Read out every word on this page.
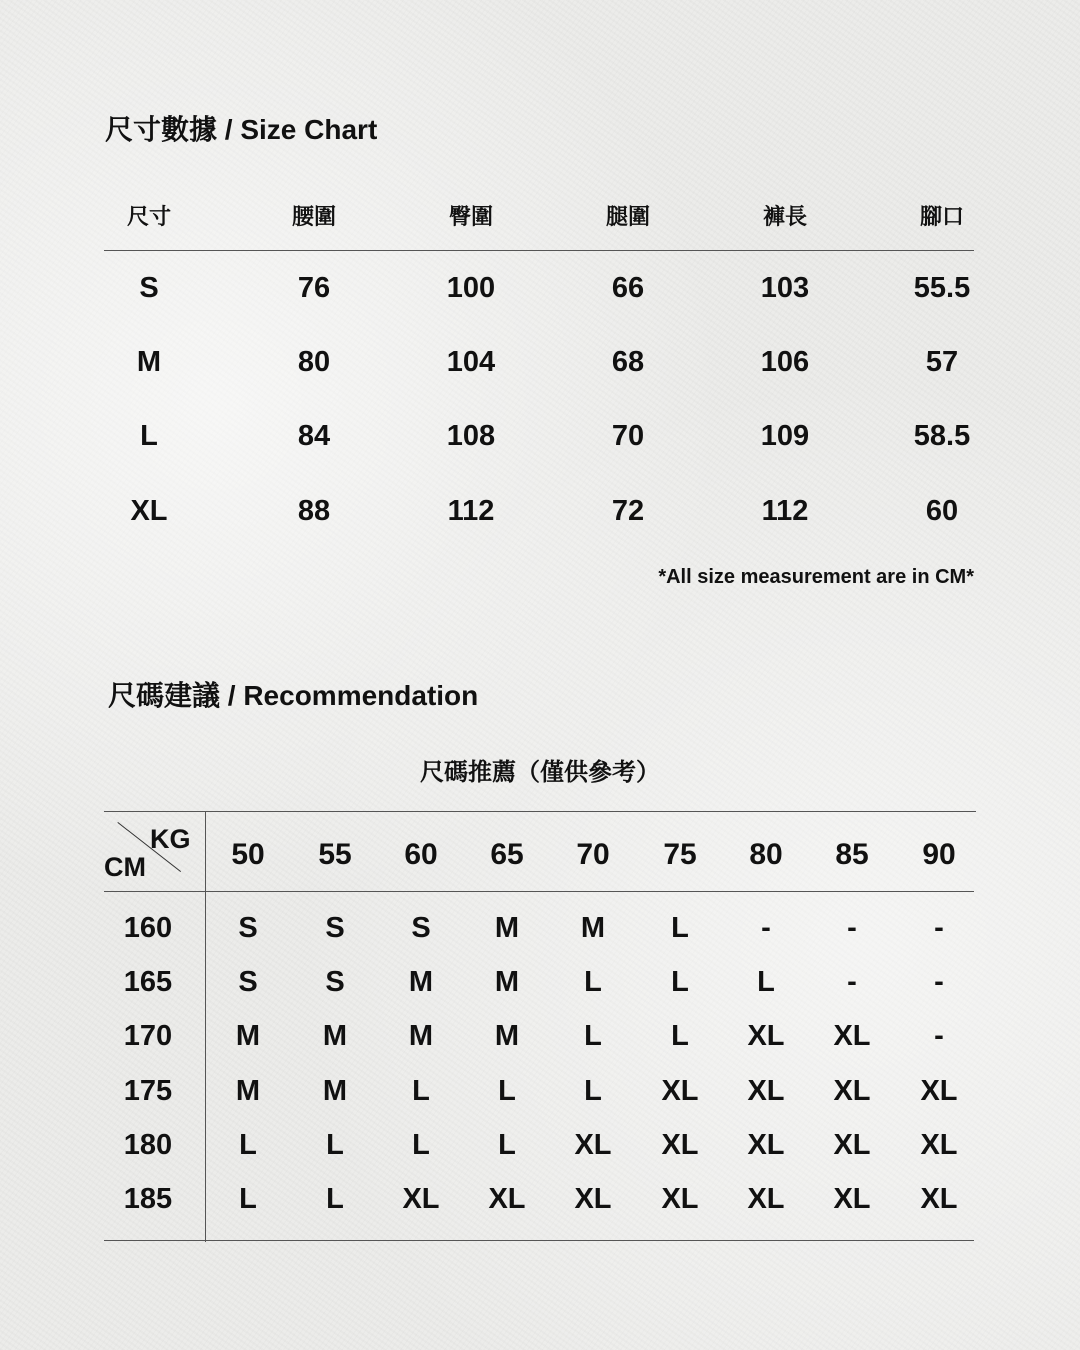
尺寸數據 / Size Chart
尺寸	腰圍	臀圍	腿圍	褲長	腳口
S	76	100	66	103	55.5
M	80	104	68	106	57
L	84	108	70	109	58.5
XL	88	112	72	112	60
*All size measurement are in CM*
尺碼建議 / Recommendation
尺碼推薦（僅供參考）
KG
CM	50	55	60	65	70	75	80	85	90
160	S	S	S	M	M	L	-	-	-
165	S	S	M	M	L	L	L	-	-
170	M	M	M	M	L	L	XL	XL	-
175	M	M	L	L	L	XL	XL	XL	XL
180	L	L	L	L	XL	XL	XL	XL	XL
185	L	L	XL	XL	XL	XL	XL	XL	XL
